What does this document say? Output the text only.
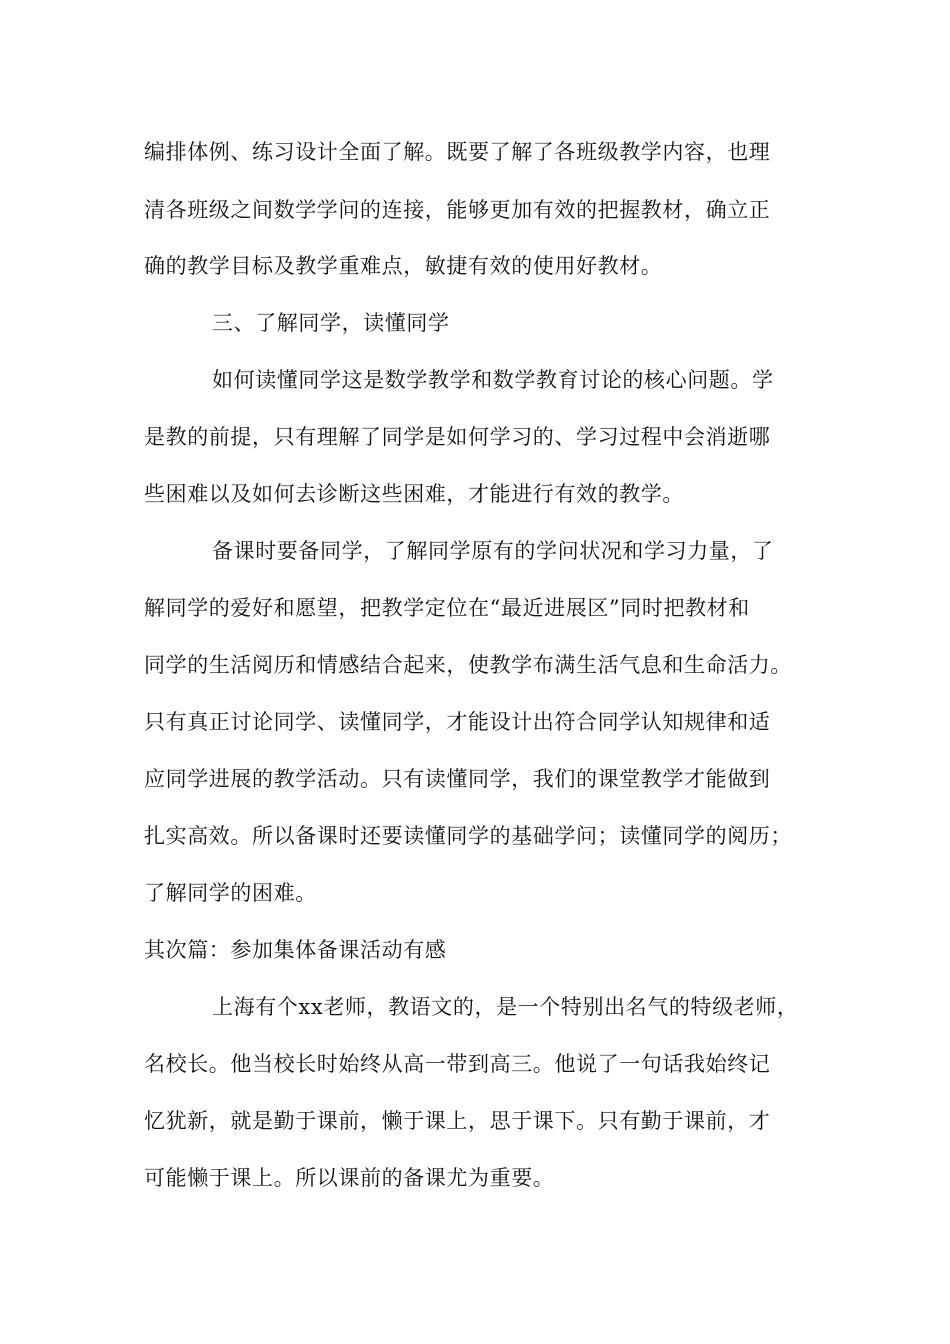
编排体例、练习设计全面了解。既要了解了各班级教学内容，也理
清各班级之间数学学问的连接，能够更加有效的把握教材，确立正
确的教学目标及教学重难点，敏捷有效的使用好教材。
三、了解同学，读懂同学
如何读懂同学这是数学教学和数学教育讨论的核心问题。学
是教的前提，只有理解了同学是如何学习的、学习过程中会消逝哪
些困难以及如何去诊断这些困难，才能进行有效的教学。
备课时要备同学，了解同学原有的学问状况和学习力量，了
解同学的爱好和愿望，把教学定位在“最近进展区”同时把教材和
同学的生活阅历和情感结合起来，使教学布满生活气息和生命活力。
只有真正讨论同学、读懂同学，才能设计出符合同学认知规律和适
应同学进展的教学活动。只有读懂同学，我们的课堂教学才能做到
扎实高效。所以备课时还要读懂同学的基础学问；读懂同学的阅历；
了解同学的困难。
其次篇：参加集体备课活动有感
上海有个xx老师，教语文的，是一个特别出名气的特级老师，
名校长。他当校长时始终从高一带到高三。他说了一句话我始终记
忆犹新，就是勤于课前，懒于课上，思于课下。只有勤于课前，才
可能懒于课上。所以课前的备课尤为重要。
